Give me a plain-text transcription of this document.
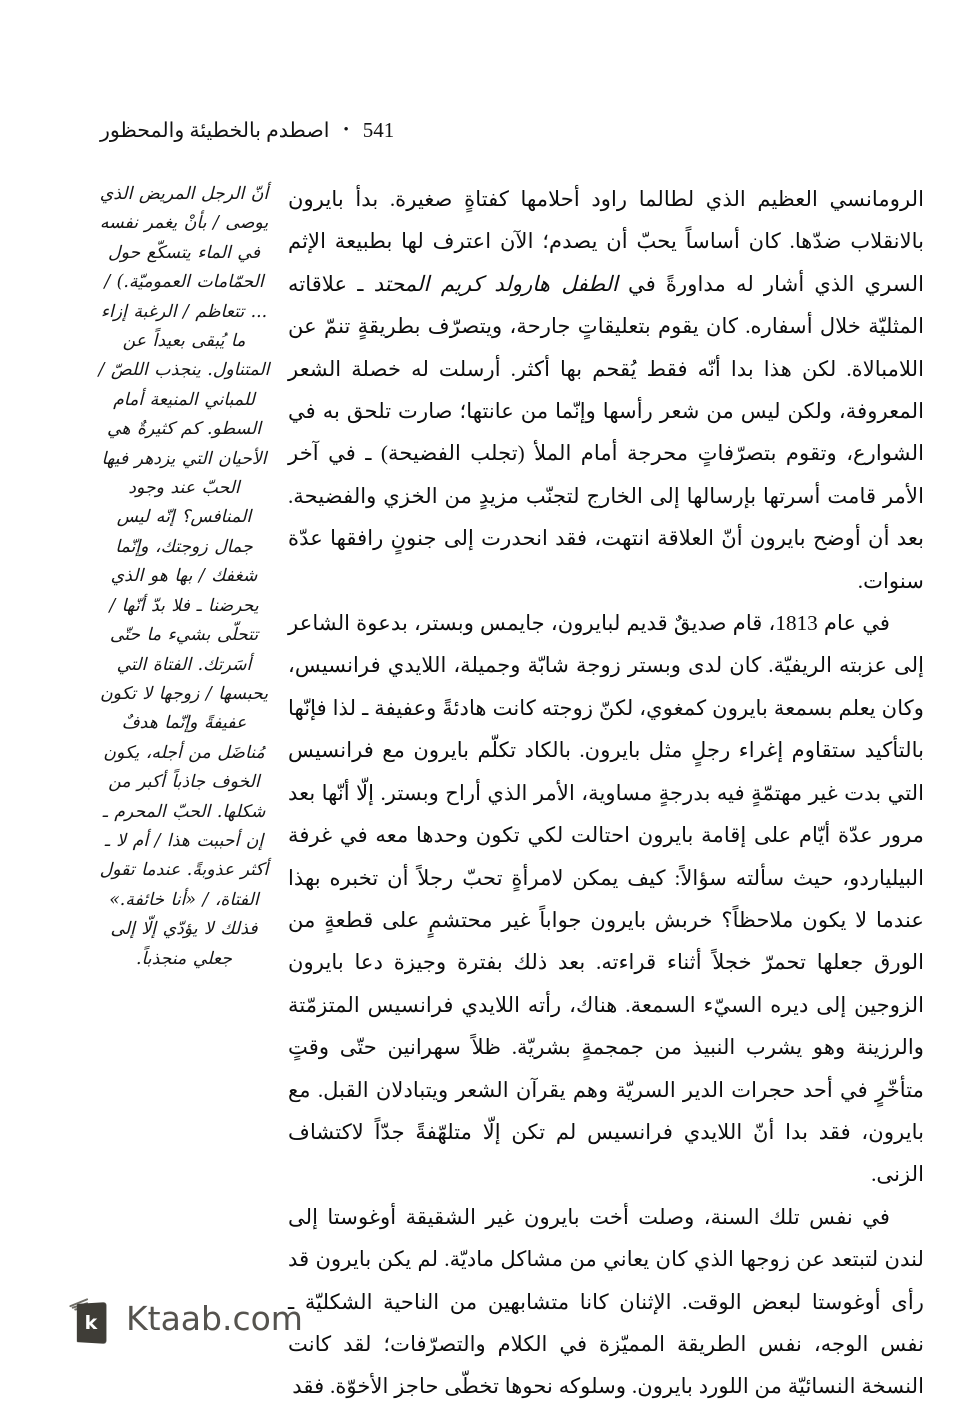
اصطدم بالخطيئة والمحظور • 541

الرومانسي العظيم الذي لطالما راود أحلامها كفتاةٍ صغيرة. بدأ بايرون بالانقلاب ضدّها. كان أساساً يحبّ أن يصدم؛ الآن اعترف لها بطبيعة الإثم السري الذي أشار له مداورةً في الطفل هارولد كريم المحتد ـ علاقاته المثليّة خلال أسفاره. كان يقوم بتعليقاتٍ جارحة، ويتصرّف بطريقةٍ تنمّ عن اللامبالاة. لكن هذا بدا أنّه فقط يُقحم بها أكثر. أرسلت له خصلة الشعر المعروفة، ولكن ليس من شعر رأسها وإنّما من عانتها؛ صارت تلحق به في الشوارع، وتقوم بتصرّفاتٍ محرجة أمام الملأ (تجلب الفضيحة) ـ في آخر الأمر قامت أسرتها بإرسالها إلى الخارج لتجنّب مزيدٍ من الخزي والفضيحة. بعد أن أوضح بايرون أنّ العلاقة انتهت، فقد انحدرت إلى جنونٍ رافقها عدّة سنوات.

في عام 1813، قام صديقٌ قديم لبايرون، جايمس وبستر، بدعوة الشاعر إلى عزبته الريفيّة. كان لدى وبستر زوجة شابّة وجميلة، اللايدي فرانسيس، وكان يعلم بسمعة بايرون كمغوي، لكنّ زوجته كانت هادئةً وعفيفة ـ لذا فإنّها بالتأكيد ستقاوم إغراء رجلٍ مثل بايرون. بالكاد تكلّم بايرون مع فرانسيس التي بدت غير مهتمّةٍ فيه بدرجةٍ مساوية، الأمر الذي أراح وبستر. إلّا أنّها بعد مرور عدّة أيّام على إقامة بايرون احتالت لكي تكون وحدها معه في غرفة البيلياردو، حيث سألته سؤالاً: كيف يمكن لامرأةٍ تحبّ رجلاً أن تخبره بهذا عندما لا يكون ملاحظاً؟ خربش بايرون جواباً غير محتشمٍ على قطعةٍ من الورق جعلها تحمرّ خجلاً أثناء قراءته. بعد ذلك بفترة وجيزة دعا بايرون الزوجين إلى ديره السيّء السمعة. هناك، رأته اللايدي فرانسيس المتزمّتة والرزينة وهو يشرب النبيذ من جمجمةٍ بشريّة. ظلاً سهرانين حتّى وقتٍ متأخّرٍ في أحد حجرات الدير السريّة وهم يقرآن الشعر ويتبادلان القبل. مع بايرون، فقد بدا أنّ اللايدي فرانسيس لم تكن إلّا متلهّفةً جدّاً لاكتشاف الزنى.

في نفس تلك السنة، وصلت أخت بايرون غير الشقيقة أوغوستا إلى لندن لتبتعد عن زوجها الذي كان يعاني من مشاكل ماديّة. لم يكن بايرون قد رأى أوغوستا لبعض الوقت. الإثنان كانا متشابهين من الناحية الشكليّة ـ نفس الوجه، نفس الطريقة المميّزة في الكلام والتصرّفات؛ لقد كانت النسخة النسائيّة من اللورد بايرون. وسلوكه نحوها تخطّى حاجز الأخوّة. فقد

أنّ الرجل المريض الذي يوصى / بأنْ يغمر نفسه في الماء يتسكّع حول الحمّامات العموميّة.) / ... تتعاظم / الرغبة إزاء ما يُبقى بعيداً عن المتناول. ينجذب اللصّ / للمباني المنيعة أمام السطو. كم كثيرةٌ هي الأحيان التي يزدهر فيها الحبّ عند وجود المنافس؟ إنّه ليس جمال زوجتك، وإنّما شغفك / بها هو الذي يحرضنا ـ فلا بدّ أنّها / تتحلّى بشيء ما حتّى أسَرتك. الفتاة التي يحبسها / زوجها لا تكون عفيفةً وإنّما هدفٌ مُناضَل من أجله، يكون الخوف جاذباً أكبر من شكلها. الحبّ المحرم ـ إن أحببت هذا / أم لا ـ أكثر عذوبةً. عندما تقول الفتاة، / «أنا خائفة.» فذلك لا يؤدّي إلّا إلى جعلي منجذباً.
k Ktaab.com
